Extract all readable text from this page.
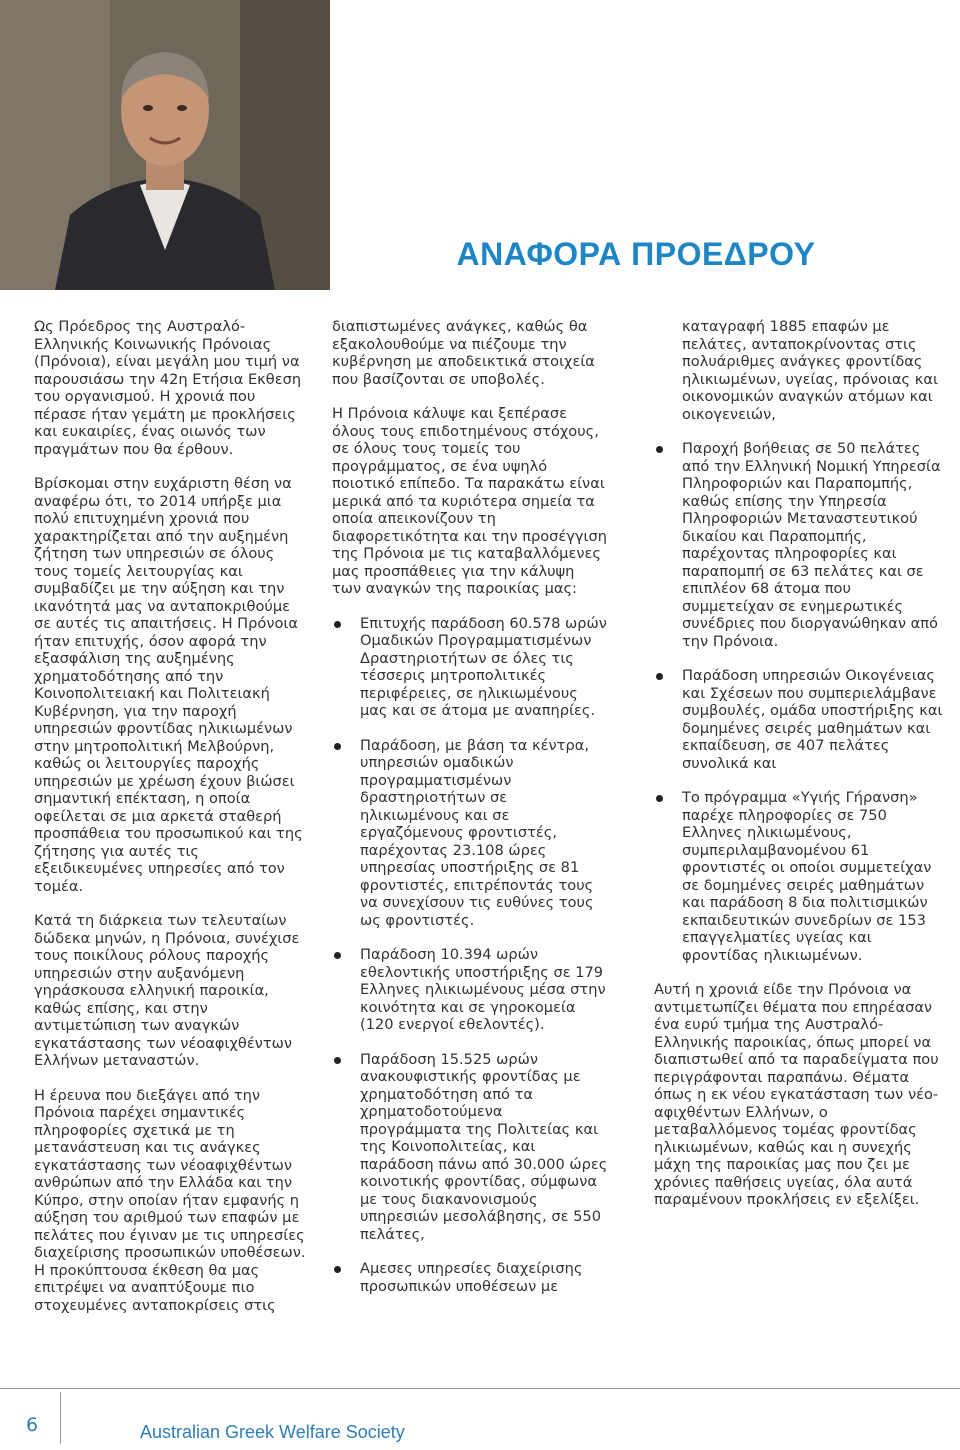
ΑΝΑΦΟΡΑ ΠΡΟΕΔΡΟΥ

Ως Πρόεδρος της Αυστραλό-Ελληνικής Κοινωνικής Πρόνοιας (Πρόνοια), είναι μεγάλη μου τιμή να παρουσιάσω την 42η Ετήσια Εκθεση του οργανισμού. Η χρονιά που πέρασε ήταν γεμάτη με προκλήσεις και ευκαιρίες, ένας οιωνός των πραγμάτων που θα έρθουν.

Βρίσκομαι στην ευχάριστη θέση να αναφέρω ότι, το 2014 υπήρξε μια πολύ επιτυχημένη χρονιά που χαρακτηρίζεται από την αυξημένη ζήτηση των υπηρεσιών σε όλους τους τομείς λειτουργίας και συμβαδίζει με την αύξηση και την ικανότητά μας να ανταποκριθούμε σε αυτές τις απαιτήσεις. Η Πρόνοια ήταν επιτυχής, όσον αφορά την εξασφάλιση της αυξημένης χρηματοδότησης από την Κοινοπολιτειακή και Πολιτειακή Κυβέρνηση, για την παροχή υπηρεσιών φροντίδας ηλικιωμένων στην μητροπολιτική Μελβούρνη, καθώς οι λειτουργίες παροχής υπηρεσιών με χρέωση έχουν βιώσει σημαντική επέκταση, η οποία οφείλεται σε μια αρκετά σταθερή προσπάθεια του προσωπικού και της ζήτησης για αυτές τις εξειδικευμένες υπηρεσίες από τον τομέα.

Κατά τη διάρκεια των τελευταίων δώδεκα μηνών, η Πρόνοια, συνέχισε τους ποικίλους ρόλους παροχής υπηρεσιών στην αυξανόμενη γηράσκουσα ελληνική παροικία, καθώς επίσης, και στην αντιμετώπιση των αναγκών εγκατάστασης των νέοαφιχθέντων Ελλήνων μεταναστών.

Η έρευνα που διεξάγει από την Πρόνοια παρέχει σημαντικές πληροφορίες σχετικά με τη μετανάστευση και τις ανάγκες εγκατάστασης των νέοαφιχθέντων ανθρώπων από την Ελλάδα και την Κύπρο, στην οποίαν ήταν εμφανής η αύξηση του αριθμού των επαφών με πελάτες που έγιναν με τις υπηρεσίες διαχείρισης προσωπικών υποθέσεων. Η προκύπτουσα έκθεση θα μας επιτρέψει να αναπτύξουμε πιο στοχευμένες ανταποκρίσεις στις

διαπιστωμένες ανάγκες, καθώς θα εξακολουθούμε να πιέζουμε την κυβέρνηση με αποδεικτικά στοιχεία που βασίζονται σε υποβολές.

Η Πρόνοια κάλυψε και ξεπέρασε όλους τους επιδοτημένους στόχους, σε όλους τους τομείς του προγράμματος, σε ένα υψηλό ποιοτικό επίπεδο. Τα παρακάτω είναι μερικά από τα κυριότερα σημεία τα οποία απεικονίζουν τη διαφορετικότητα και την προσέγγιση της Πρόνοια με τις καταβαλλόμενες μας προσπάθειες για την κάλυψη των αναγκών της παροικίας μας:

Επιτυχής παράδοση 60.578 ωρών Ομαδικών Προγραμματισμένων Δραστηριοτήτων σε όλες τις τέσσερις μητροπολιτικές περιφέρειες, σε ηλικιωμένους μας και σε άτομα με αναπηρίες.
Παράδοση, με βάση τα κέντρα, υπηρεσιών ομαδικών προγραμματισμένων δραστηριοτήτων σε ηλικιωμένους και σε εργαζόμενους φροντιστές, παρέχοντας 23.108 ώρες υπηρεσίας υποστήριξης σε 81 φροντιστές, επιτρέποντάς τους να συνεχίσουν τις ευθύνες τους ως φροντιστές.
Παράδοση 10.394 ωρών εθελοντικής υποστήριξης σε 179 Ελληνες ηλικιωμένους μέσα στην κοινότητα και σε γηροκομεία (120 ενεργοί εθελοντές).
Παράδοση 15.525 ωρών ανακουφιστικής φροντίδας με χρηματοδότηση από τα χρηματοδοτούμενα προγράμματα της Πολιτείας και της Κοινοπολιτείας, και παράδοση πάνω από 30.000 ώρες κοινοτικής φροντίδας, σύμφωνα με τους διακανονισμούς υπηρεσιών μεσολάβησης, σε 550 πελάτες,
Αμεσες υπηρεσίες διαχείρισης προσωπικών υποθέσεων με

καταγραφή 1885 επαφών με πελάτες, ανταποκρίνοντας στις πολυάριθμες ανάγκες φροντίδας ηλικιωμένων, υγείας, πρόνοιας και οικονομικών αναγκών ατόμων και οικογενειών,

Παροχή βοήθειας σε 50 πελάτες από την Ελληνική Νομική Υπηρεσία Πληροφοριών και Παραπομπής, καθώς επίσης την Υπηρεσία Πληροφοριών Μεταναστευτικού δικαίου και Παραπομπής, παρέχοντας πληροφορίες και παραπομπή σε 63 πελάτες και σε επιπλέον 68 άτομα που συμμετείχαν σε ενημερωτικές συνέδριες που διοργανώθηκαν από την Πρόνοια.
Παράδοση υπηρεσιών Οικογένειας και Σχέσεων που συμπεριελάμβανε συμβουλές, ομάδα υποστήριξης και δομημένες σειρές μαθημάτων και εκπαίδευση, σε 407 πελάτες συνολικά και
Το πρόγραμμα «Υγιής Γήρανση» παρέχε πληροφορίες σε 750 Ελληνες ηλικιωμένους, συμπεριλαμβανομένου 61 φροντιστές οι οποίοι συμμετείχαν σε δομημένες σειρές μαθημάτων και παράδοση 8 δια πολιτισμικών εκπαιδευτικών συνεδρίων σε 153 επαγγελματίες υγείας και φροντίδας ηλικιωμένων.

Αυτή η χρονιά είδε την Πρόνοια να αντιμετωπίζει θέματα που επηρέασαν ένα ευρύ τμήμα της Αυστραλό-Ελληνικής παροικίας, όπως μπορεί να διαπιστωθεί από τα παραδείγματα που περιγράφονται παραπάνω. Θέματα όπως η εκ νέου εγκατάσταση των νέο-αφιχθέντων Ελλήνων, ο μεταβαλλόμενος τομέας φροντίδας ηλικιωμένων, καθώς και η συνεχής μάχη της παροικίας μας που ζει με χρόνιες παθήσεις υγείας, όλα αυτά παραμένουν προκλήσεις εν εξελίξει.

6	Australian Greek Welfare Society
